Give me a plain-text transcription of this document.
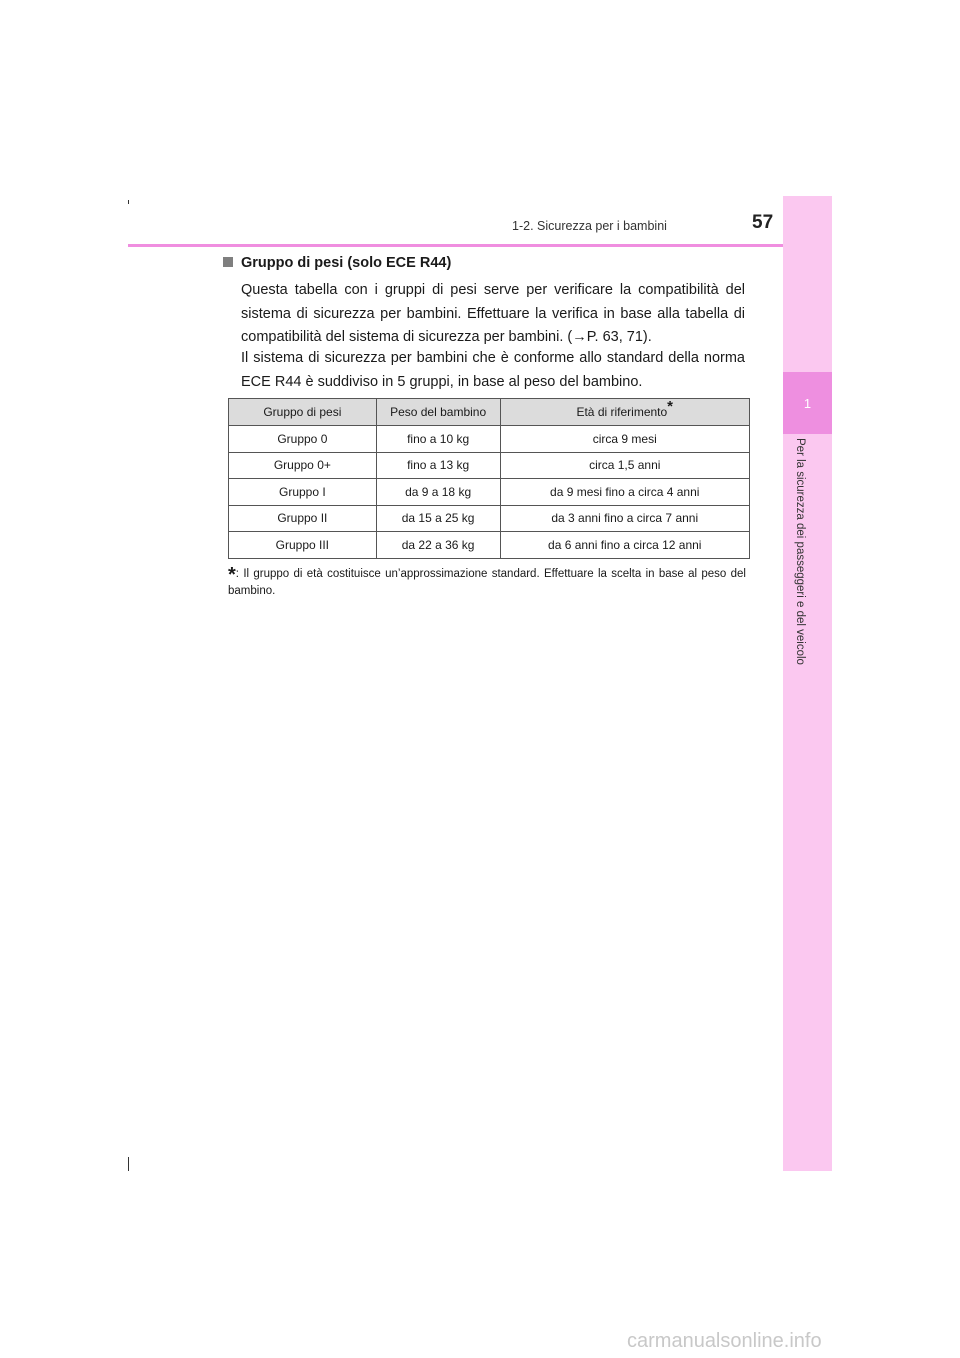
1-2. Sicurezza per i bambini	57
1
Per la sicurezza dei passeggeri e del veicolo
Gruppo di pesi (solo ECE R44)
Questa tabella con i gruppi di pesi serve per verificare la compatibilità del sistema di sicurezza per bambini. Effettuare la verifica in base alla tabella di compatibilità del sistema di sicurezza per bambini. (→P. 63, 71).
Il sistema di sicurezza per bambini che è conforme allo standard della norma ECE R44 è suddiviso in 5 gruppi, in base al peso del bambino.
Gruppo di pesi	Peso del bambino	Età di riferimento*
Gruppo 0	fino a 10 kg	circa 9 mesi
Gruppo 0+	fino a 13 kg	circa 1,5 anni
Gruppo I	da 9 a 18 kg	da 9 mesi fino a circa 4 anni
Gruppo II	da 15 a 25 kg	da 3 anni fino a circa 7 anni
Gruppo III	da 22 a 36 kg	da 6 anni fino a circa 12 anni
*: Il gruppo di età costituisce un’approssimazione standard. Effettuare la scelta in base al peso del bambino.
carmanualsonline.info
